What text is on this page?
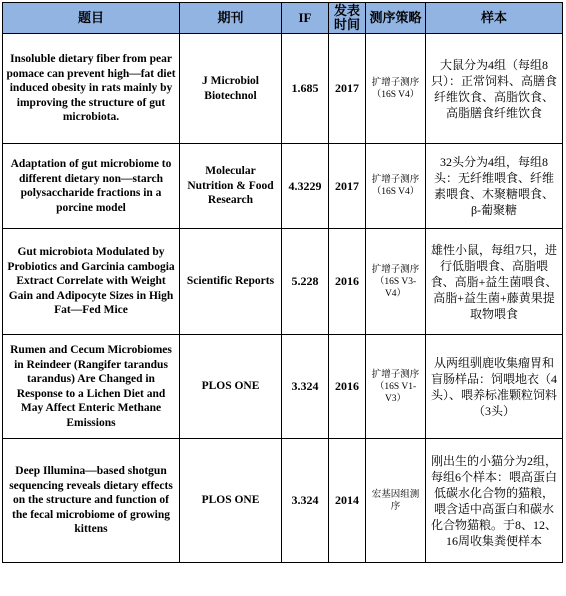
题目	期刊	IF	发表时间	测序策略	样本
Insoluble dietary fiber from pear pomace can prevent high—fat diet induced obesity in rats mainly by improving the structure of gut microbiota.	J Microbiol Biotechnol	1.685	2017	扩增子测序（16S V4）	大鼠分为4组（每组8只）：正常饲料、高膳食纤维饮食、高脂饮食、高脂膳食纤维饮食
Adaptation of gut microbiome to different dietary non—starch polysaccharide fractions in a porcine model	Molecular Nutrition & Food Research	4.3229	2017	扩增子测序（16S V4）	32头分为4组，每组8头：无纤维喂食、纤维素喂食、木聚糖喂食、β-葡聚糖
Gut microbiota Modulated by Probiotics and Garcinia cambogia Extract Correlate with Weight Gain and Adipocyte Sizes in High Fat—Fed Mice	Scientific Reports	5.228	2016	扩增子测序（16S V3-V4）	雄性小鼠，每组7只，进行低脂喂食、高脂喂食、高脂+益生菌喂食、高脂+益生菌+藤黄果提取物喂食
Rumen and Cecum Microbiomes in Reindeer (Rangifer tarandus tarandus) Are Changed in Response to a Lichen Diet and May Affect Enteric Methane Emissions	PLOS ONE	3.324	2016	扩增子测序（16S V1-V3）	从两组驯鹿收集瘤胃和盲肠样品：饲喂地衣（4头）、喂养标准颗粒饲料（3头）
Deep Illumina—based shotgun sequencing reveals dietary effects on the structure and function of the fecal microbiome of growing kittens	PLOS ONE	3.324	2014	宏基因组测序	刚出生的小猫分为2组，每组6个样本：喂高蛋白低碳水化合物的猫粮，喂含适中高蛋白和碳水化合物猫粮。于8、12、16周收集粪便样本
